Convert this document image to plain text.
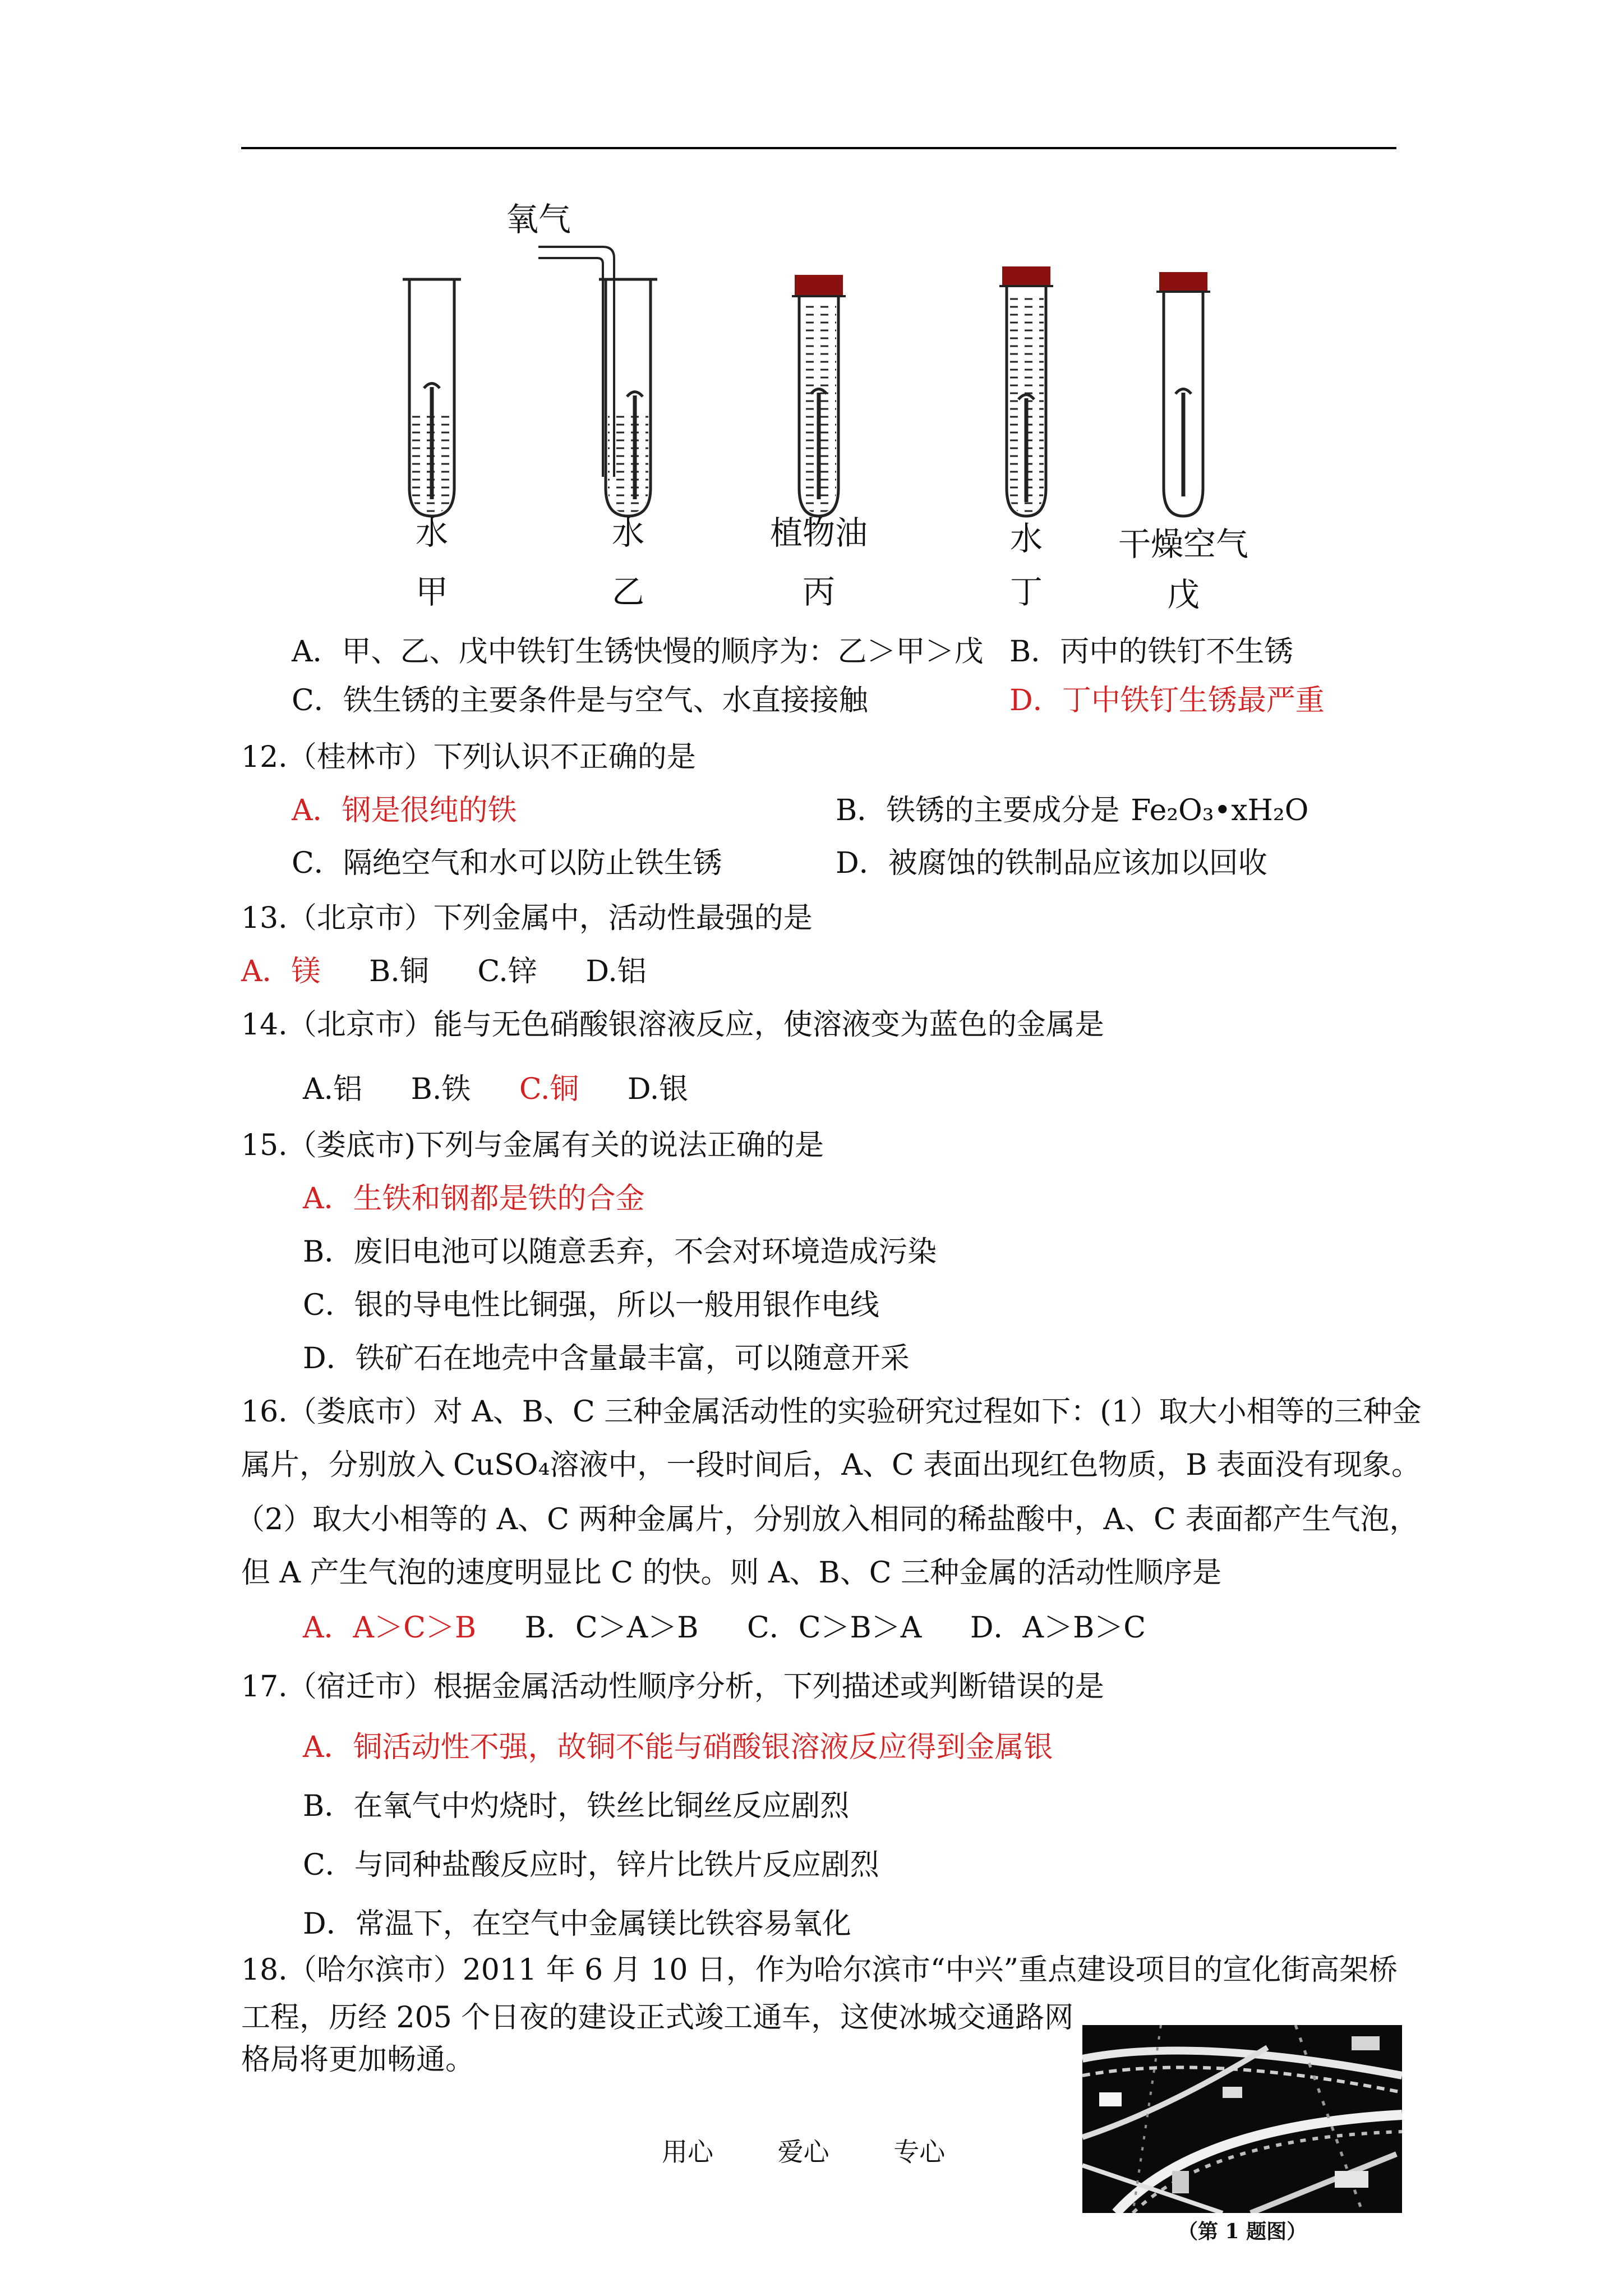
氧气
水
甲
水
乙
植物油
丙
水
丁
干燥空气
戊
A．甲、乙、戊中铁钉生锈快慢的顺序为：乙＞甲＞戊 B．丙中的铁钉不生锈
C．铁生锈的主要条件是与空气、水直接接触	D．丁中铁钉生锈最严重
12.（桂林市）下列认识不正确的是
A．钢是很纯的铁	B．铁锈的主要成分是 Fe₂O₃•xH₂O
C．隔绝空气和水可以防止铁生锈	D．被腐蚀的铁制品应该加以回收
13.（北京市）下列金属中，活动性最强的是
A．镁 B.铜 C.锌 D.铝
14.（北京市）能与无色硝酸银溶液反应，使溶液变为蓝色的金属是
A.铝 B.铁 C.铜 D.银
15.（娄底市)下列与金属有关的说法正确的是
A．生铁和钢都是铁的合金
B．废旧电池可以随意丢弃，不会对环境造成污染
C．银的导电性比铜强，所以一般用银作电线
D．铁矿石在地壳中含量最丰富，可以随意开采
16.（娄底市）对 A、B、C 三种金属活动性的实验研究过程如下：(1）取大小相等的三种金
属片，分别放入 CuSO₄溶液中，一段时间后，A、C 表面出现红色物质，B 表面没有现象。
（2）取大小相等的 A、C 两种金属片，分别放入相同的稀盐酸中，A、C 表面都产生气泡，
但 A 产生气泡的速度明显比 C 的快。则 A、B、C 三种金属的活动性顺序是
A．A＞C＞B B．C＞A＞B C．C＞B＞A D．A＞B＞C
17.（宿迁市）根据金属活动性顺序分析，下列描述或判断错误的是
A．铜活动性不强，故铜不能与硝酸银溶液反应得到金属银
B．在氧气中灼烧时，铁丝比铜丝反应剧烈
C．与同种盐酸反应时，锌片比铁片反应剧烈
D．常温下，在空气中金属镁比铁容易氧化
18.（哈尔滨市）2011 年 6 月 10 日，作为哈尔滨市“中兴”重点建设项目的宣化街高架桥
工程，历经 205 个日夜的建设正式竣工通车，这使冰城交通路网
格局将更加畅通。
（第 1 题图）
用心 爱心 专心
